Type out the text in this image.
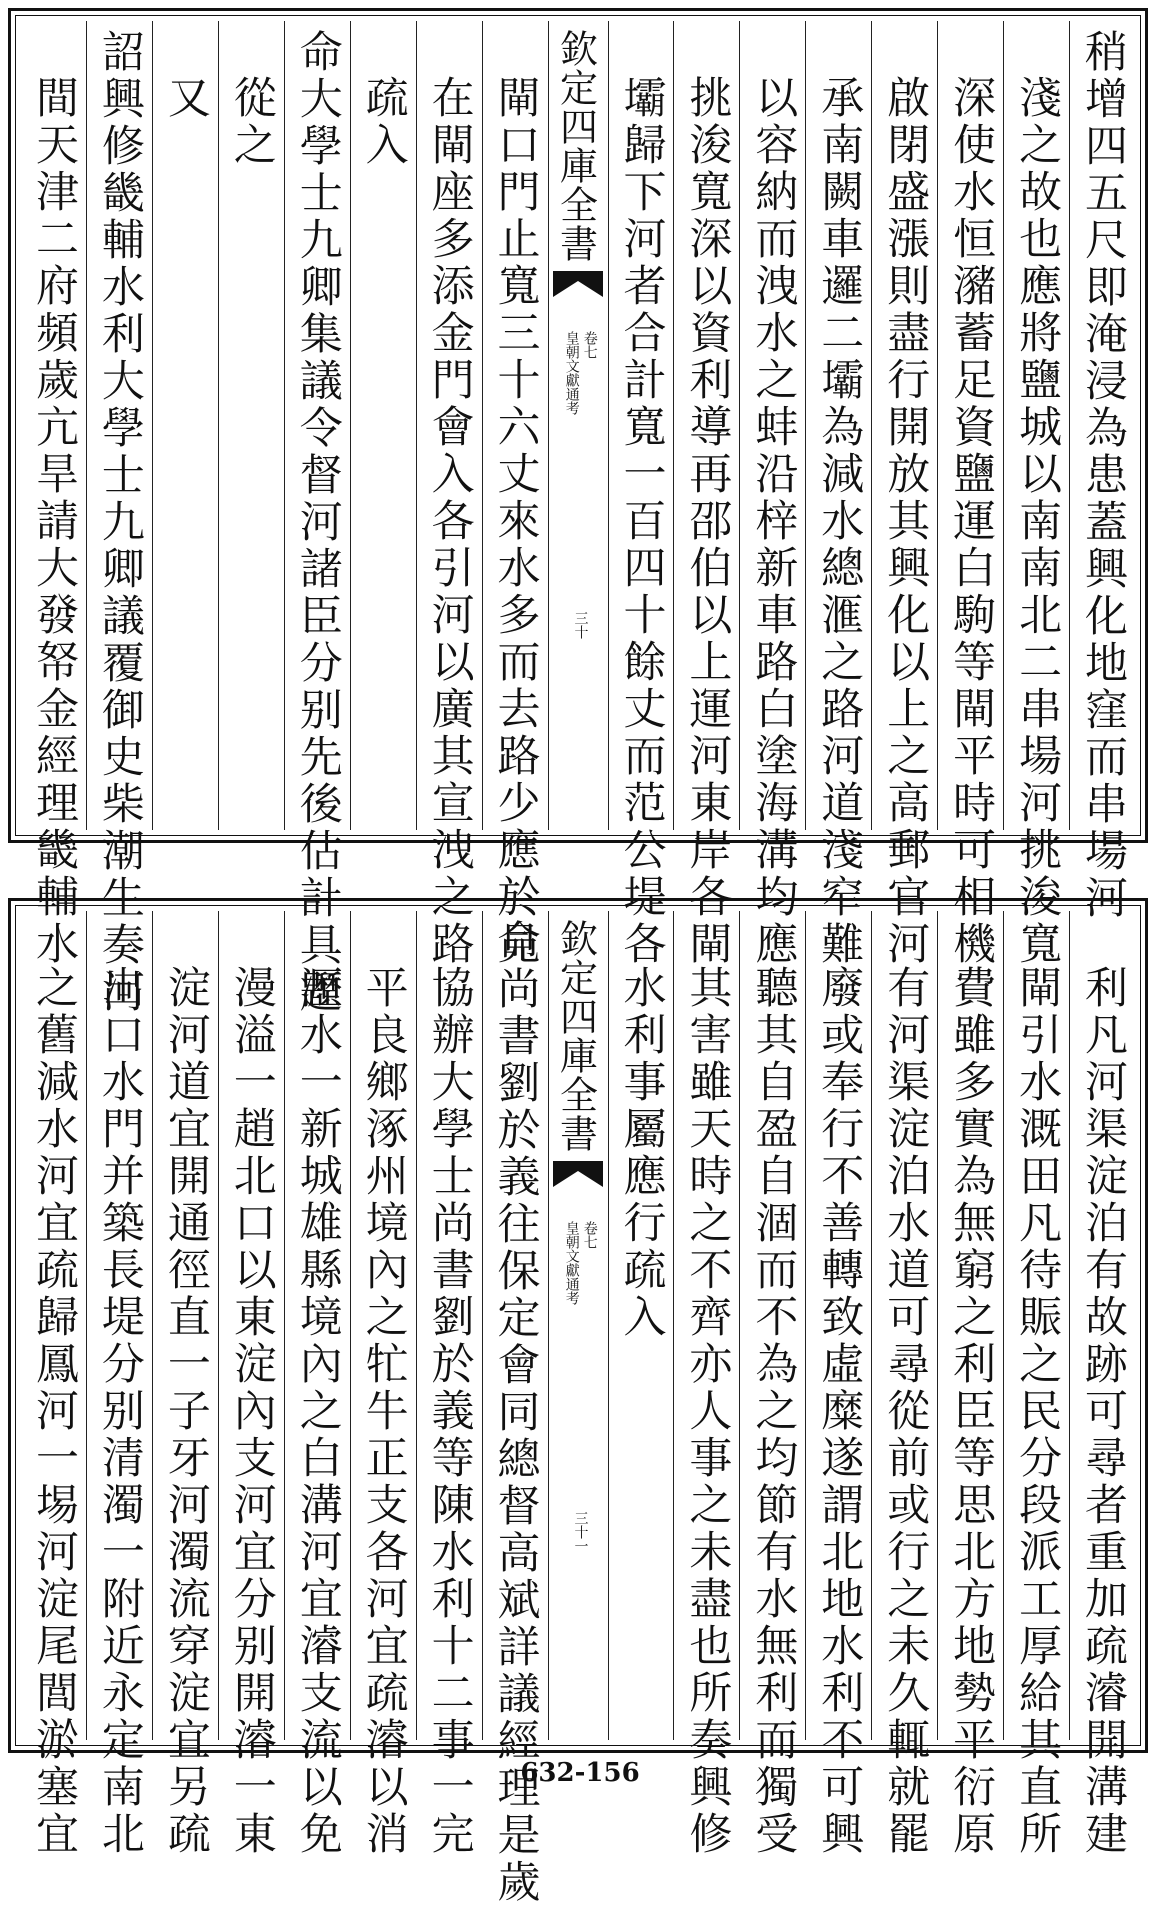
稍增四五尺即淹浸為患蓋興化地窪而串場河
淺之故也應將鹽城以南南北二串場河挑浚寬
深使水恒瀦蓄足資鹽運白駒等閘平時可相機
啟閉盛漲則盡行開放其興化以上之高郵官河
承南闕車邏二壩為減水總滙之路河道淺窄難
以容納而洩水之蚌沿梓新車路白塗海溝均應
挑浚寬深以資利導再邵伯以上運河東岸各閘
壩歸下河者合計寬一百四十餘丈而范公堤各
欽定四庫全書
皇朝文獻通考 卷七
三十
閘口門止寬三十六丈來水多而去路少應於見
在閘座多添金門會入各引河以廣其宣洩之路
疏入
命大學士九卿集議令督河諸臣分别先後估計具題
從之
又
詔興修畿輔水利大學士九卿議覆御史柴潮生奏河
間天津二府頻歲亢旱請大發帑金經理畿輔水
利凡河渠淀泊有故跡可尋者重加疏濬開溝建
閘引水溉田凡待賑之民分段派工厚給其直所
費雖多實為無窮之利臣等思北方地勢平衍原
有河渠淀泊水道可尋從前或行之未久輒就罷
廢或奉行不善轉致虛糜遂謂北地水利不可興
聽其自盈自涸而不為之均節有水無利而獨受
其害雖天時之不齊亦人事之未盡也所奏興修
水利事屬應行疏入
欽定四庫全書
皇朝文獻通考 卷七
三十一
命尚書劉於義往保定會同總督高斌詳議經理是歲
協辦大學士尚書劉於義等陳水利十二事一完
平良鄉涿州境內之牤牛正支各河宜疏濬以消
瀝水一新城雄縣境內之白溝河宜濬支流以免
漫溢一趙北口以東淀內支河宜分别開濬一東
淀河道宜開通徑直一子牙河濁流穿淀宜另疏
出口水門并築長堤分别清濁一附近永定南北
之舊減水河宜疏歸鳳河一埸河淀尾閭淤塞宜	632-156
